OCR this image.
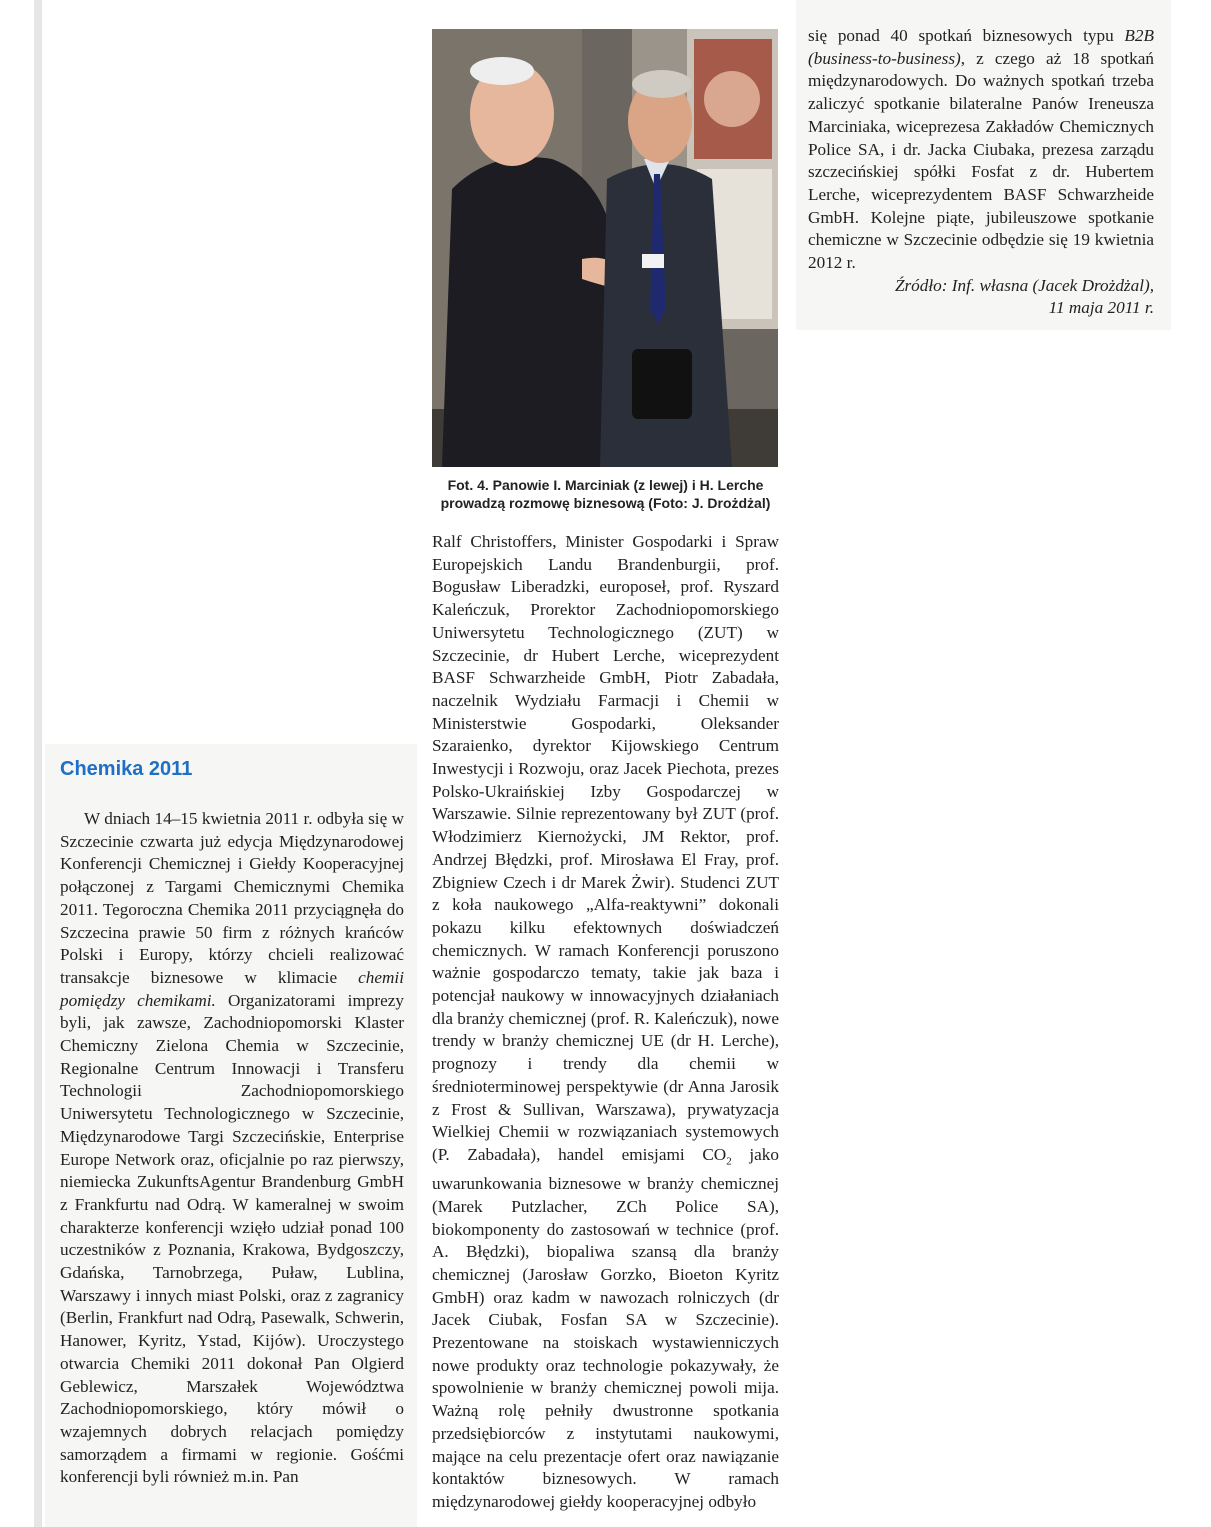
Fot. 4. Panowie I. Marciniak (z lewej) i H. Lerche prowadzą rozmowę biznesową (Foto: J. Drożdżal)

się ponad 40 spotkań biznesowych typu B2B (business-to-business), z czego aż 18 spotkań międzynarodowych. Do ważnych spotkań trzeba zaliczyć spotkanie bilateralne Panów Ireneusza Marciniaka, wiceprezesa Zakładów Chemicznych Police SA, i dr. Jacka Ciubaka, prezesa zarządu szczecińskiej spółki Fosfat z dr. Hubertem Lerche, wiceprezydentem BASF Schwarzheide GmbH. Kolejne piąte, jubileuszowe spotkanie chemiczne w Szczecinie odbędzie się 19 kwietnia 2012 r.

Źródło: Inf. własna (Jacek Drożdżal),

11 maja 2011 r.

Chemika 2011

W dniach 14–15 kwietnia 2011 r. odbyła się w Szczecinie czwarta już edycja Międzynarodowej Konferencji Chemicznej i Giełdy Kooperacyjnej połączonej z Targami Chemicznymi Chemika 2011. Tegoroczna Chemika 2011 przyciągnęła do Szczecina prawie 50 firm z różnych krańców Polski i Europy, którzy chcieli realizować transakcje biznesowe w klimacie chemii pomiędzy chemikami. Organizatorami imprezy byli, jak zawsze, Zachodniopomorski Klaster Chemiczny Zielona Chemia w Szczecinie, Regionalne Centrum Innowacji i Transferu Technologii Zachodniopomorskiego Uniwersytetu Technologicznego w Szczecinie, Międzynarodowe Targi Szczecińskie, Enterprise Europe Network oraz, oficjalnie po raz pierwszy, niemiecka ZukunftsAgentur Brandenburg GmbH z Frankfurtu nad Odrą. W kameralnej w swoim charakterze konferencji wzięło udział ponad 100 uczestników z Poznania, Krakowa, Bydgoszczy, Gdańska, Tarnobrzega, Puław, Lublina, Warszawy i innych miast Polski, oraz z zagranicy (Berlin, Frankfurt nad Odrą, Pasewalk, Schwerin, Hanower, Kyritz, Ystad, Kijów). Uroczystego otwarcia Chemiki 2011 dokonał Pan Olgierd Geblewicz, Marszałek Województwa Zachodniopomorskiego, który mówił o wzajemnych dobrych relacjach pomiędzy samorządem a firmami w regionie. Gośćmi konferencji byli również m.in. Pan

Ralf Christoffers, Minister Gospodarki i Spraw Europejskich Landu Brandenburgii, prof. Bogusław Liberadzki, europoseł, prof. Ryszard Kaleńczuk, Prorektor Zachodniopomorskiego Uniwersytetu Technologicznego (ZUT) w Szczecinie, dr Hubert Lerche, wiceprezydent BASF Schwarzheide GmbH, Piotr Zabadała, naczelnik Wydziału Farmacji i Chemii w Ministerstwie Gospodarki, Oleksander Szaraienko, dyrektor Kijowskiego Centrum Inwestycji i Rozwoju, oraz Jacek Piechota, prezes Polsko-Ukraińskiej Izby Gospodarczej w Warszawie. Silnie reprezentowany był ZUT (prof. Włodzimierz Kiernożycki, JM Rektor, prof. Andrzej Błędzki, prof. Mirosława El Fray, prof. Zbigniew Czech i dr Marek Żwir). Studenci ZUT z koła naukowego „Alfa-reaktywni” dokonali pokazu kilku efektownych doświadczeń chemicznych. W ramach Konferencji poruszono ważnie gospodarczo tematy, takie jak baza i potencjał naukowy w innowacyjnych działaniach dla branży chemicznej (prof. R. Kaleńczuk), nowe trendy w branży chemicznej UE (dr H. Lerche), prognozy i trendy dla chemii w średnioterminowej perspektywie (dr Anna Jarosik z Frost & Sullivan, Warszawa), prywatyzacja Wielkiej Chemii w rozwiązaniach systemowych (P. Zabadała), handel emisjami $CO_2$ jako uwarunkowania biznesowe w branży chemicznej (Marek Putzlacher, ZCh Police SA), biokomponenty do zastosowań w technice (prof. A. Błędzki), biopaliwa szansą dla branży chemicznej (Jarosław Gorzko, Bioeton Kyritz GmbH) oraz kadm w nawozach rolniczych (dr Jacek Ciubak, Fosfan SA w Szczecinie). Prezentowane na stoiskach wystawienniczych nowe produkty oraz technologie pokazywały, że spowolnienie w branży chemicznej powoli mija. Ważną rolę pełniły dwustronne spotkania przedsiębiorców z instytutami naukowymi, mające na celu prezentacje ofert oraz nawiązanie kontaktów biznesowych. W ramach międzynarodowej giełdy kooperacyjnej odbyło
